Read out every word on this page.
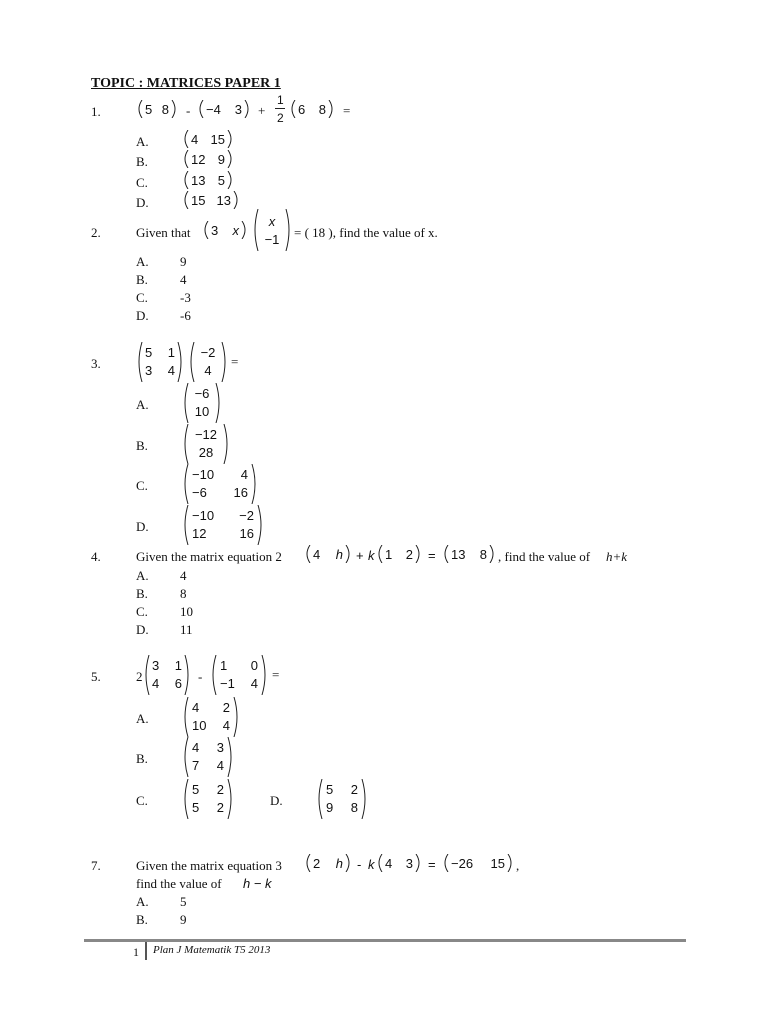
TOPIC : MATRICES PAPER 1
1.	5 8 - −4 3 +
1
2
6 8 =
A.	4 15
B.	12 9
C.	13 5
D.	15 13
2.	Given that 3 x
x
−1	= ( 18 ), find the value of x.
A. 9
B. 4
C. -3
D. -6
3.
5 1
3 4
−2
4
=
A.
−6
10
B.
−12
28
C.
−10 4
−6 16
D.
−10 −2
12	16
4.	Given the matrix equation 2 4 h + k 1 2 = 13 8 , find the value of h+k
A. 4
B. 8
C. 10
D. 11
5.	2
3 1
4 6 -
1 0
−1 4
=
A.
4 2
10 4
B.
4 3
7 4
C.
5 2
5 2	D.
5 2
9 8
7.	Given the matrix equation 3 2 h - k 4 3 = −26 15 ,
find the value of h − k
A. 5
B. 9
1 Plan J Matematik T5 2013
